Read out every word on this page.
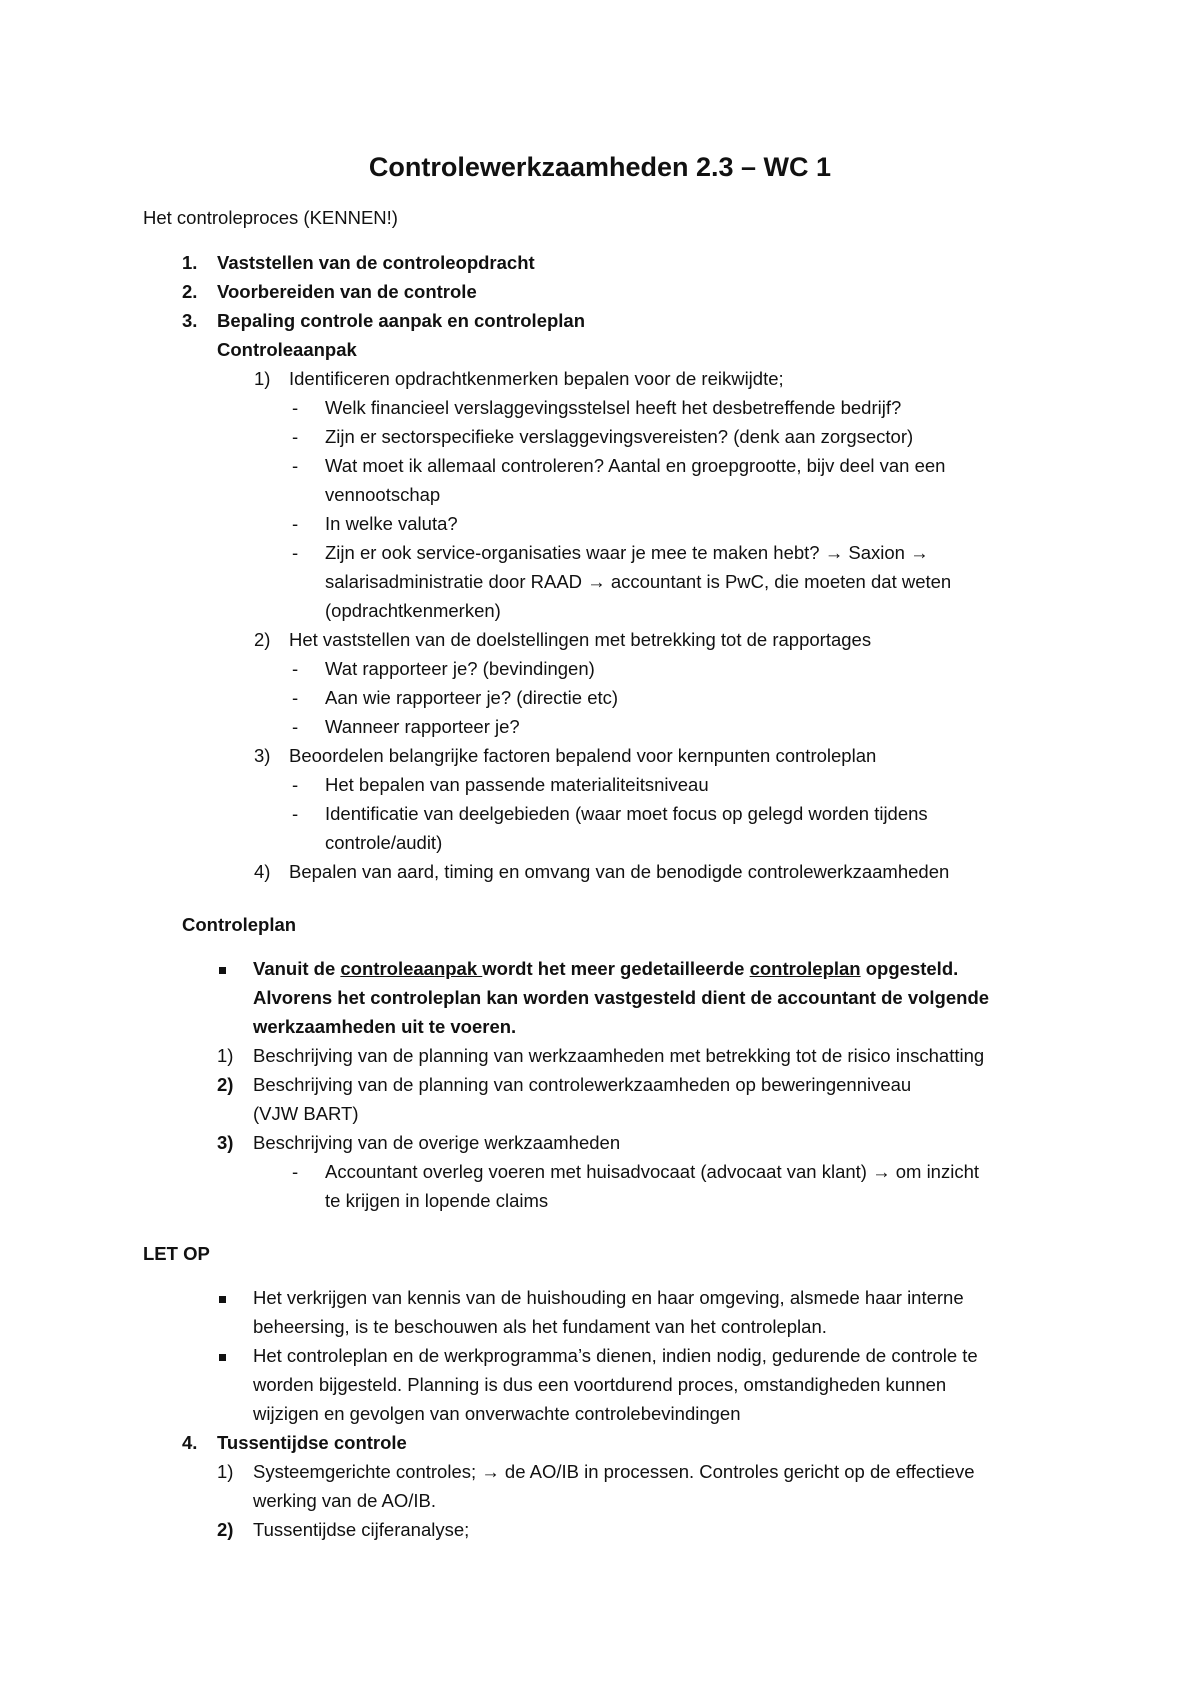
Controlewerkzaamheden 2.3 – WC 1
Het controleproces (KENNEN!)
1. Vaststellen van de controleopdracht
2. Voorbereiden van de controle
3. Bepaling controle aanpak en controleplan
Controleaanpak
1) Identificeren opdrachtkenmerken bepalen voor de reikwijdte;
- Welk financieel verslaggevingsstelsel heeft het desbetreffende bedrijf?
- Zijn er sectorspecifieke verslaggevingsvereisten? (denk aan zorgsector)
- Wat moet ik allemaal controleren? Aantal en groepgrootte, bijv deel van een
vennootschap
- In welke valuta?
- Zijn er ook service-organisaties waar je mee te maken hebt? → Saxion →
salarisadministratie door RAAD → accountant is PwC, die moeten dat weten
(opdrachtkenmerken)
2) Het vaststellen van de doelstellingen met betrekking tot de rapportages
- Wat rapporteer je? (bevindingen)
- Aan wie rapporteer je? (directie etc)
- Wanneer rapporteer je?
3) Beoordelen belangrijke factoren bepalend voor kernpunten controleplan
- Het bepalen van passende materialiteitsniveau
- Identificatie van deelgebieden (waar moet focus op gelegd worden tijdens
controle/audit)
4) Bepalen van aard, timing en omvang van de benodigde controlewerkzaamheden
Controleplan
Vanuit de controleaanpak wordt het meer gedetailleerde controleplan opgesteld.
Alvorens het controleplan kan worden vastgesteld dient de accountant de volgende
werkzaamheden uit te voeren.
1) Beschrijving van de planning van werkzaamheden met betrekking tot de risico inschatting
2) Beschrijving van de planning van controlewerkzaamheden op beweringenniveau
(VJW BART)
3) Beschrijving van de overige werkzaamheden
- Accountant overleg voeren met huisadvocaat (advocaat van klant) → om inzicht
te krijgen in lopende claims
LET OP
Het verkrijgen van kennis van de huishouding en haar omgeving, alsmede haar interne
beheersing, is te beschouwen als het fundament van het controleplan.
Het controleplan en de werkprogramma’s dienen, indien nodig, gedurende de controle te
worden bijgesteld. Planning is dus een voortdurend proces, omstandigheden kunnen
wijzigen en gevolgen van onverwachte controlebevindingen
4. Tussentijdse controle
1) Systeemgerichte controles; → de AO/IB in processen. Controles gericht op de effectieve
werking van de AO/IB.
2) Tussentijdse cijferanalyse;
